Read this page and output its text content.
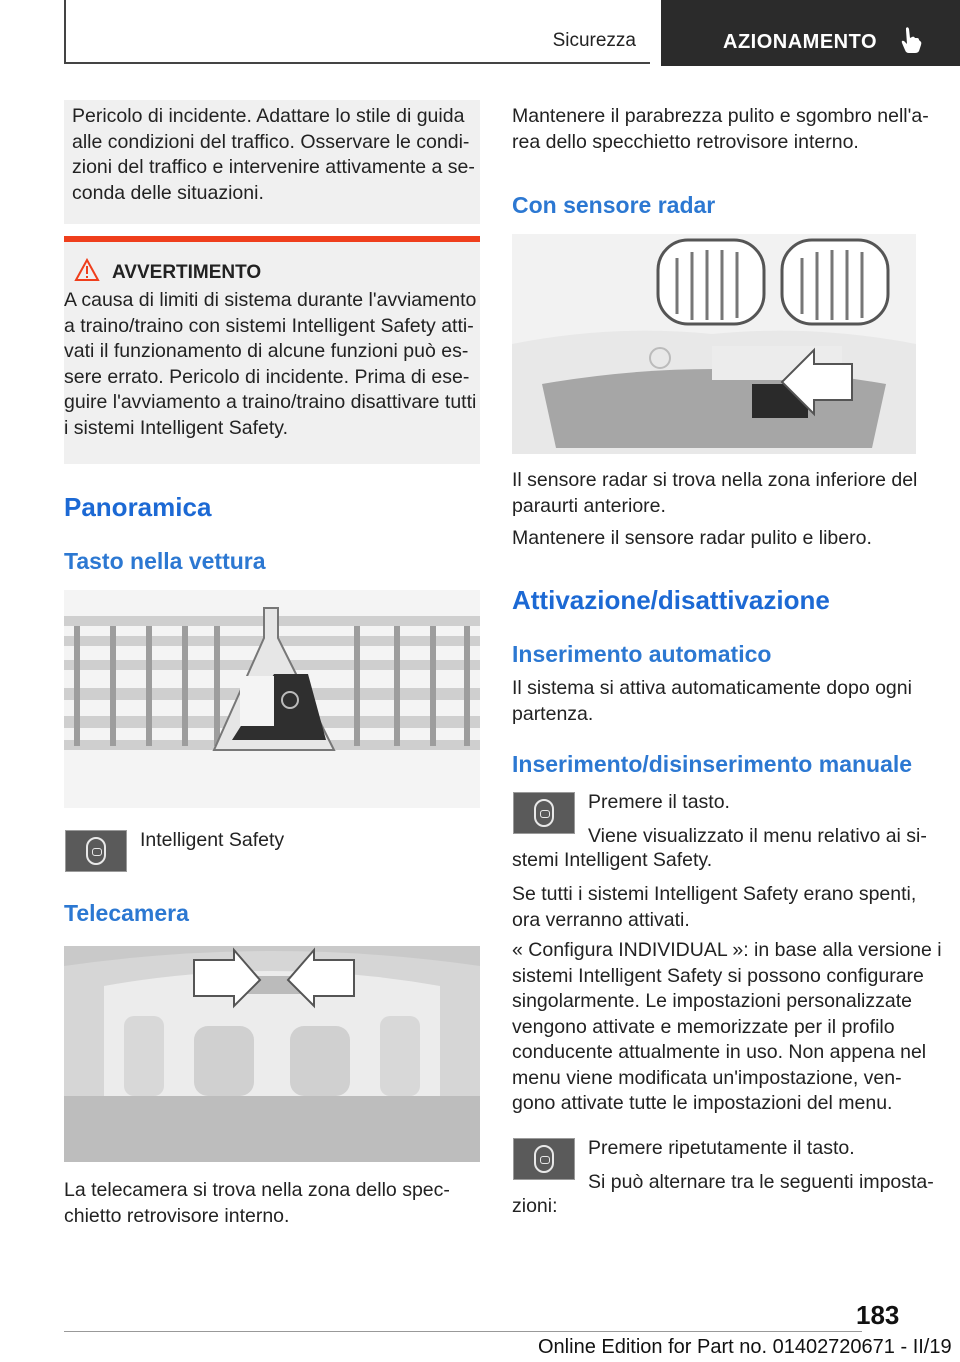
Sicurezza	AZIONAMENTO
Pericolo di incidente. Adattare lo stile di guida
alle condizioni del traffico. Osservare le condi-
zioni del traffico e intervenire attivamente a se-
conda delle situazioni.
AVVERTIMENTO
A causa di limiti di sistema durante l'avviamento
a traino/traino con sistemi Intelligent Safety atti-
vati il funzionamento di alcune funzioni può es-
sere errato. Pericolo di incidente. Prima di ese-
guire l'avviamento a traino/traino disattivare tutti
i sistemi Intelligent Safety.
Panoramica
Tasto nella vettura
Intelligent Safety
Telecamera
La telecamera si trova nella zona dello spec-
chietto retrovisore interno.
Mantenere il parabrezza pulito e sgombro nell'a-
rea dello specchietto retrovisore interno.
Con sensore radar
Il sensore radar si trova nella zona inferiore del
paraurti anteriore.
Mantenere il sensore radar pulito e libero.
Attivazione/disattivazione
Inserimento automatico
Il sistema si attiva automaticamente dopo ogni
partenza.
Inserimento/disinserimento manuale
Premere il tasto.
Viene visualizzato il menu relativo ai si-
stemi Intelligent Safety.
Se tutti i sistemi Intelligent Safety erano spenti,
ora verranno attivati.
« Configura INDIVIDUAL »: in base alla versione i
sistemi Intelligent Safety si possono configurare
singolarmente. Le impostazioni personalizzate
vengono attivate e memorizzate per il profilo
conducente attualmente in uso. Non appena nel
menu viene modificata un'impostazione, ven-
gono attivate tutte le impostazioni del menu.
Premere ripetutamente il tasto.
Si può alternare tra le seguenti imposta-
zioni:
183
Online Edition for Part no. 01402720671 - II/19
